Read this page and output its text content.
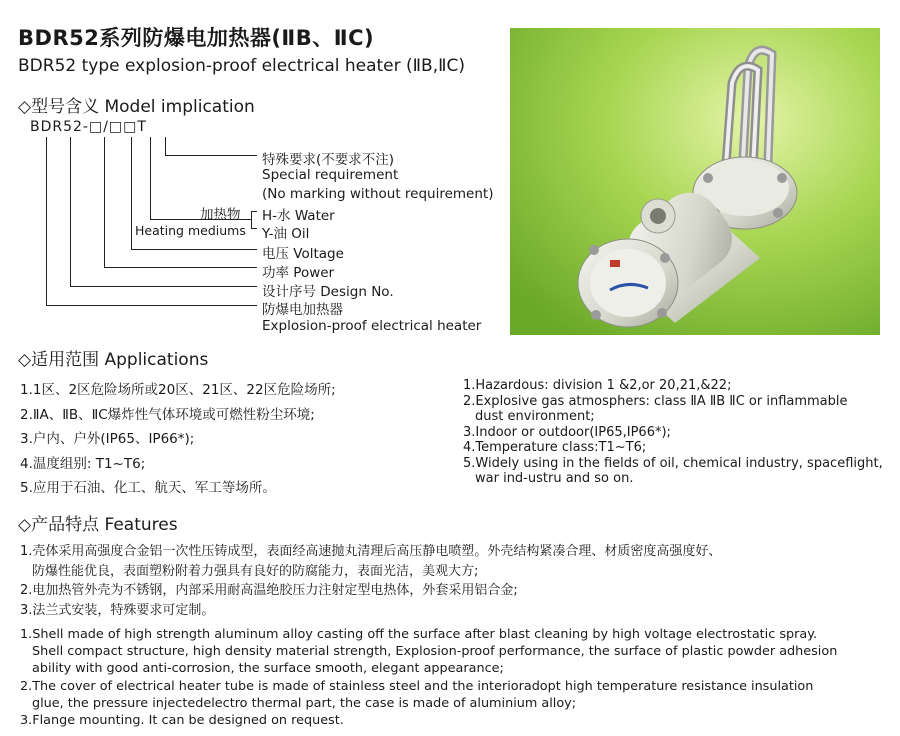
BDR52系列防爆电加热器(ⅡB、ⅡC)
BDR52 type explosion-proof electrical heater (ⅡB,ⅡC)
◇型号含义 Model implication
BDR52-□/□□T
特殊要求(不要求不注)
Special requirement
(No marking without requirement)
加热物 H-水 Water
Heating mediums Y-油 Oil
电压 Voltage
功率 Power
设计序号 Design No.
防爆电加热器
Explosion-proof electrical heater
◇适用范围 Applications
1.1区、2区危险场所或20区、21区、22区危险场所;
2.ⅡA、ⅡB、ⅡC爆炸性气体环境或可燃性粉尘环境;
3.户内、户外(IP65、IP66*);
4.温度组别: T1~T6;
5.应用于石油、化工、航天、军工等场所。
1.Hazardous: division 1 &2,or 20,21,&22;
2.Explosive gas atmosphers: class ⅡA ⅡB ⅡC or inflammable
dust environment;
3.Indoor or outdoor(IP65,IP66*);
4.Temperature class:T1~T6;
5.Widely using in the fields of oil, chemical industry, spaceflight,
war ind-ustru and so on.
◇产品特点 Features
1.壳体采用高强度合金铝一次性压铸成型，表面经高速抛丸清理后高压静电喷塑。外壳结构紧凑合理、材质密度高强度好、
防爆性能优良，表面塑粉附着力强具有良好的防腐能力，表面光洁，美观大方;
2.电加热管外壳为不锈钢，内部采用耐高温绝胶压力注射定型电热体，外套采用铝合金;
3.法兰式安装，特殊要求可定制。
1.Shell made of high strength aluminum alloy casting off the surface after blast cleaning by high voltage electrostatic spray.
Shell compact structure, high density material strength, Explosion-proof performance, the surface of plastic powder adhesion
ability with good anti-corrosion, the surface smooth, elegant appearance;
2.The cover of electrical heater tube is made of stainless steel and the interioradopt high temperature resistance insulation
glue, the pressure injectedelectro thermal part, the case is made of aluminium alloy;
3.Flange mounting. It can be designed on request.
